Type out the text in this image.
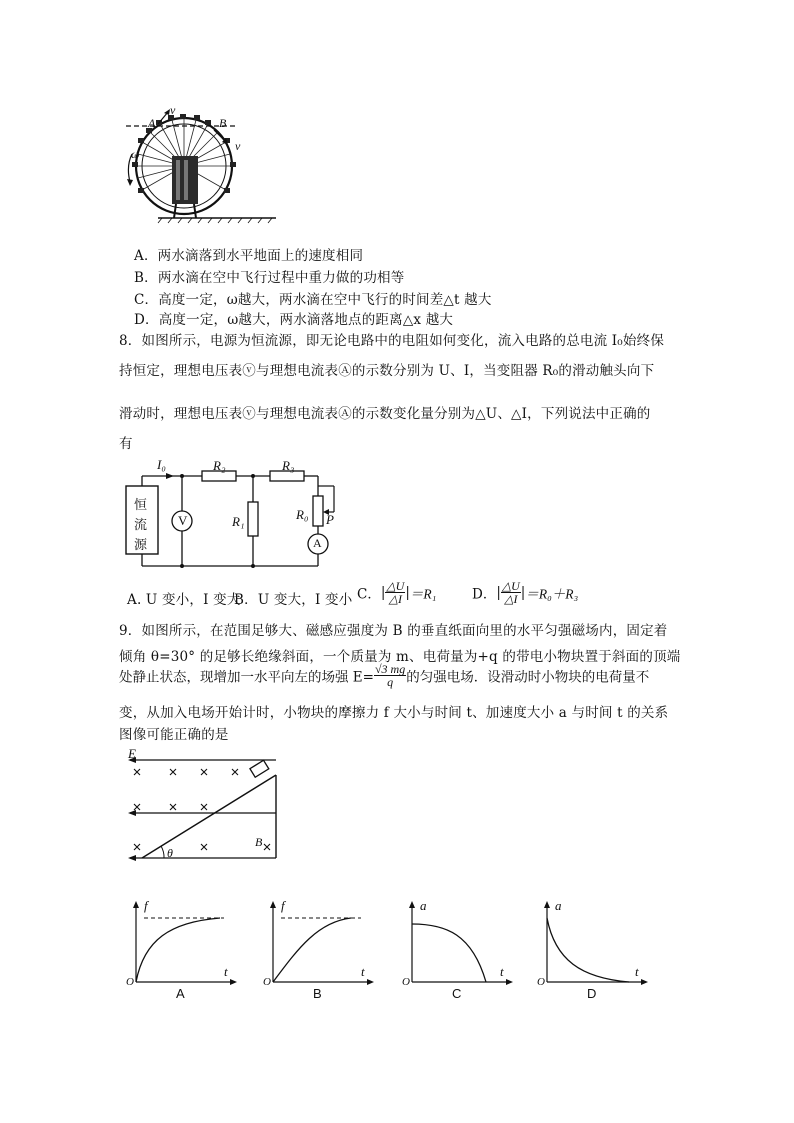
A	B
v
v
ω
A．两水滴落到水平地面上的速度相同
B．两水滴在空中飞行过程中重力做的功相等
C．高度一定，ω越大，两水滴在空中飞行的时间差△t 越大
D．高度一定，ω越大，两水滴落地点的距离△x 越大
8．如图所示，电源为恒流源，即无论电路中的电阻如何变化，流入电路的总电流 I₀始终保
持恒定，理想电压表ⓥ与理想电流表Ⓐ的示数分别为 U、I，当变阻器 R₀的滑动触头向下
滑动时，理想电压表ⓥ与理想电流表Ⓐ的示数变化量分别为△U、△I，下列说法中正确的
有
恒
流
源
I₀	R₂	R₃
R₁	R₀ P
V
A
A. U 变小，I 变大
B．U 变大，I 变小 C．| $\frac{\triangle U}{\triangle I} |=R_1$	D．| $\frac{\triangle U}{\triangle I} |=R_0+R_3$
9．如图所示，在范围足够大、磁感应强度为 B 的垂直纸面向里的水平匀强磁场内，固定着
倾角 θ=30° 的足够长绝缘斜面，一个质量为 m、电荷量为+q 的带电小物块置于斜面的顶端
处静止状态，现增加一水平向左的场强 $E= \frac{√3 mg}{q}$ 的匀强电场．设滑动时小物块的电荷量不
变，从加入电场开始计时，小物块的摩擦力 f 大小与时间 t、加速度大小 a 与时间 t 的关系
图像可能正确的是
E
B
θ
f
t
O
A
f
t
O
B
a
t
O
C
a
t
O
D
